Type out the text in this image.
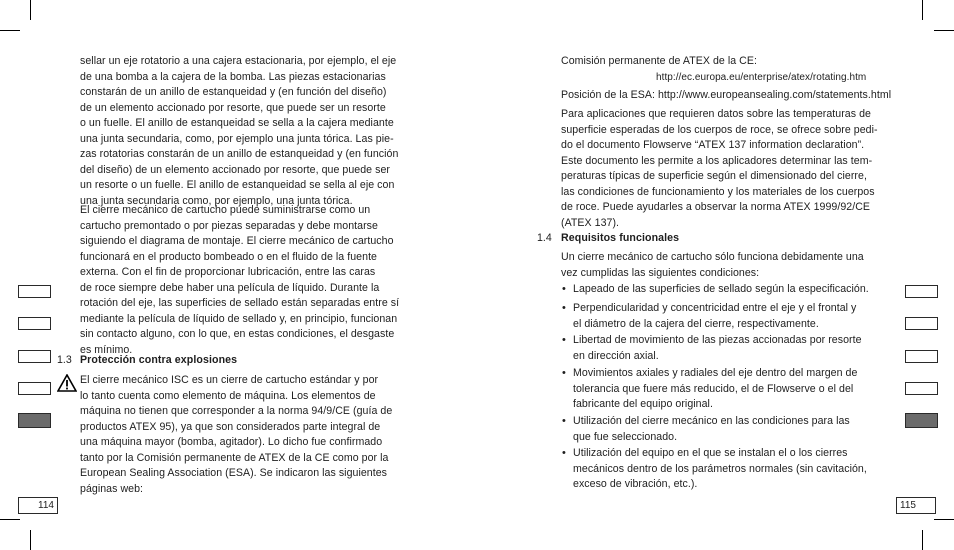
sellar un eje rotatorio a una cajera estacionaria, por ejemplo, el eje
de una bomba a la cajera de la bomba. Las piezas estacionarias
constarán de un anillo de estanqueidad y (en función del diseño)
de un elemento accionado por resorte, que puede ser un resorte
o un fuelle. El anillo de estanqueidad se sella a la cajera mediante
una junta secundaria, como, por ejemplo una junta tórica. Las pie-
zas rotatorias constarán de un anillo de estanqueidad y (en función
del diseño) de un elemento accionado por resorte, que puede ser
un resorte o un fuelle. El anillo de estanqueidad se sella al eje con
una junta secundaria como, por ejemplo, una junta tórica.

El cierre mecánico de cartucho puede suministrarse como un
cartucho premontado o por piezas separadas y debe montarse
siguiendo el diagrama de montaje. El cierre mecánico de cartucho
funcionará en el producto bombeado o en el fluido de la fuente
externa. Con el fin de proporcionar lubricación, entre las caras
de roce siempre debe haber una película de líquido. Durante la
rotación del eje, las superficies de sellado están separadas entre sí
mediante la película de líquido de sellado y, en principio, funcionan
sin contacto alguno, con lo que, en estas condiciones, el desgaste
es mínimo.

1.3 Protección contra explosiones

El cierre mecánico ISC es un cierre de cartucho estándar y por
lo tanto cuenta como elemento de máquina. Los elementos de
máquina no tienen que corresponder a la norma 94/9/CE (guía de
productos ATEX 95), ya que son considerados parte integral de
una máquina mayor (bomba, agitador). Lo dicho fue confirmado
tanto por la Comisión permanente de ATEX de la CE como por la
European Sealing Association (ESA). Se indicaron las siguientes
páginas web:

114

Comisión permanente de ATEX de la CE:

http://ec.europa.eu/enterprise/atex/rotating.htm

Posición de la ESA: http://www.europeansealing.com/statements.html

Para aplicaciones que requieren datos sobre las temperaturas de
superficie esperadas de los cuerpos de roce, se ofrece sobre pedi-
do el documento Flowserve “ATEX 137 information declaration”.
Este documento les permite a los aplicadores determinar las tem-
peraturas típicas de superficie según el dimensionado del cierre,
las condiciones de funcionamiento y los materiales de los cuerpos
de roce. Puede ayudarles a observar la norma ATEX 1999/92/CE
(ATEX 137).

1.4 Requisitos funcionales

Un cierre mecánico de cartucho sólo funciona debidamente una
vez cumplidas las siguientes condiciones:

• Lapeado de las superficies de sellado según la especificación.

• Perpendicularidad y concentricidad entre el eje y el frontal y
el diámetro de la cajera del cierre, respectivamente.

• Libertad de movimiento de las piezas accionadas por resorte
en dirección axial.

• Movimientos axiales y radiales del eje dentro del margen de
tolerancia que fuere más reducido, el de Flowserve o el del
fabricante del equipo original.

• Utilización del cierre mecánico en las condiciones para las
que fue seleccionado.

• Utilización del equipo en el que se instalan el o los cierres
mecánicos dentro de los parámetros normales (sin cavitación,
exceso de vibración, etc.).

115
